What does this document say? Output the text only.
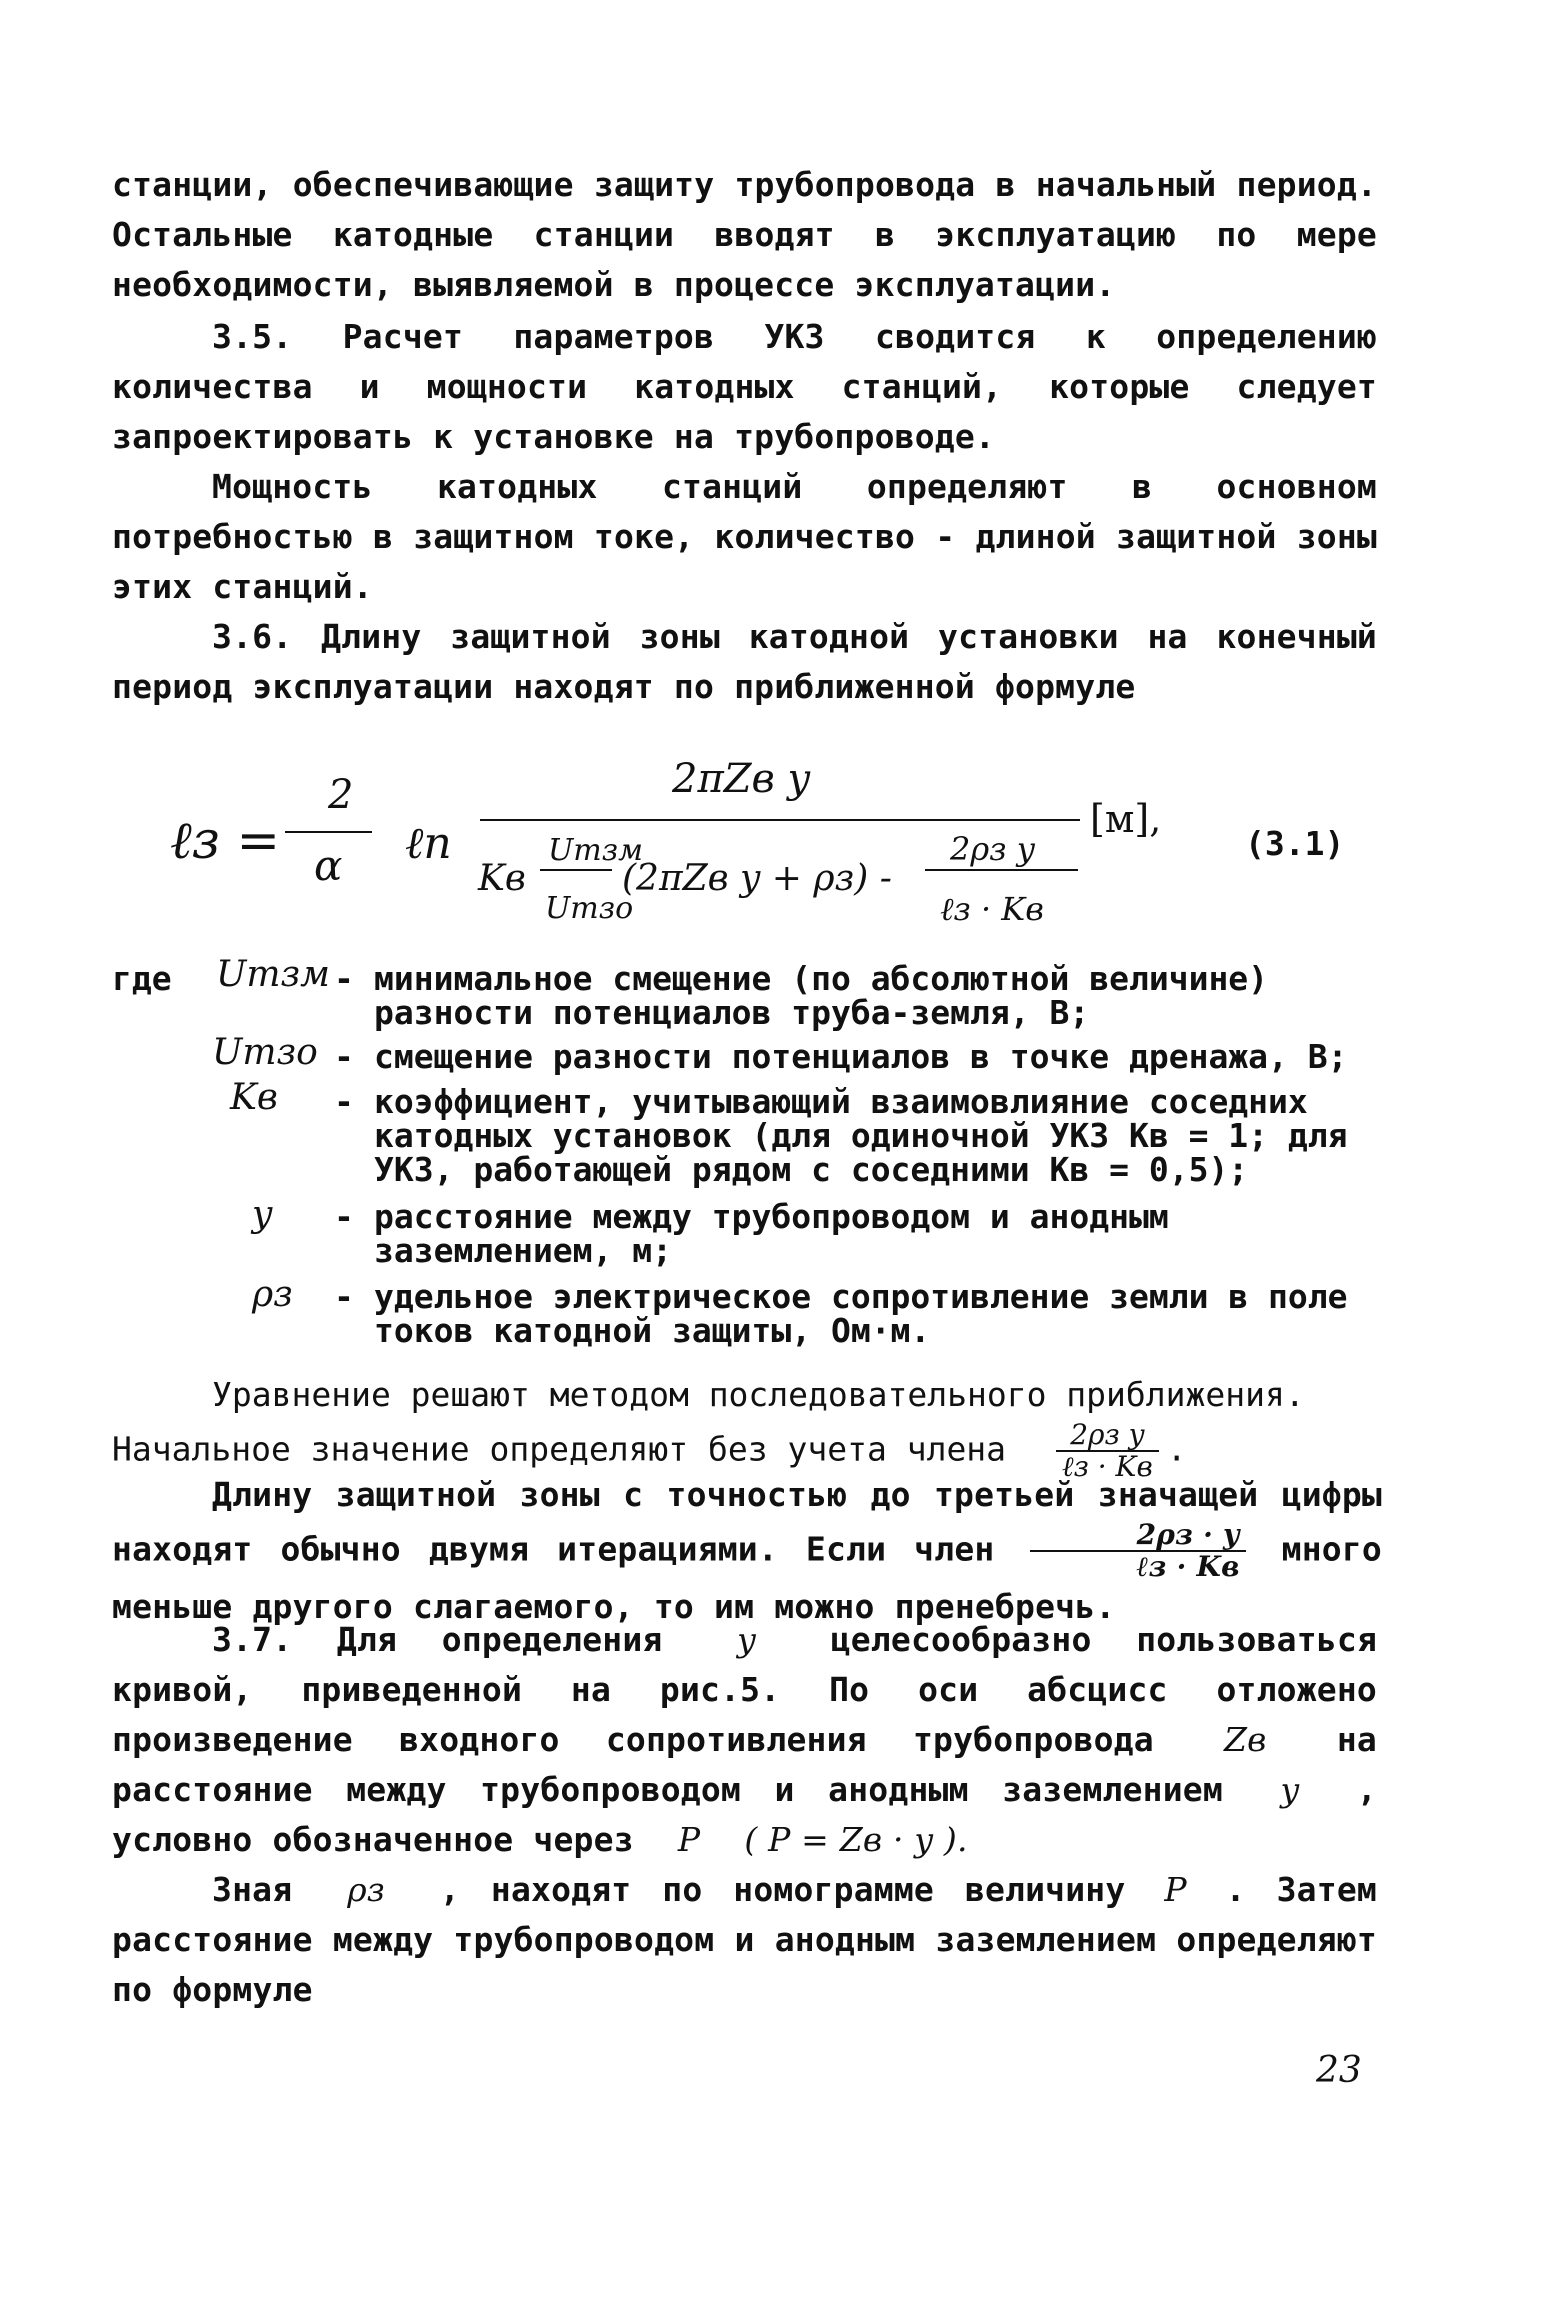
станции, обеспечивающие защиту трубопровода в начальный период. Остальные катодные станции вводят в эксплуатацию по мере необходимости, выявляемой в процессе эксплуатации.
3.5. Расчет параметров УКЗ сводится к определению количества и мощности катодных станций, которые следует запроектировать к установке на трубопроводе.
Мощность катодных станций определяют в основном потребностью в защитном токе, количество - длиной защитной зоны этих станций.
3.6. Длину защитной зоны катодной установки на конечный период эксплуатации находят по приближенной формуле
ℓз =
2
α ℓn
2πZв y
Kв
Uтзм
Uтзо
(2πZв y + ρз) -
2ρз y
ℓз · Kв
[м],
(3.1)
где	Uтзм - минимальное смещение (по абсолютной величине) разности потенциалов труба-земля, В;
Uтзо - смещение разности потенциалов в точке дренажа, В;
Kв - коэффициент, учитывающий взаимовлияние соседних катодных установок (для одиночной УКЗ Kв = 1; для УКЗ, работающей рядом с соседними Kв = 0,5);
y - расстояние между трубопроводом и анодным заземлением, м;
ρз - удельное электрическое сопротивление земли в поле токов катодной защиты, Ом·м.
Уравнение решают методом последовательного приближения.
Начальное значение определяют без учета члена $\frac{\text{2ρз y}}{\text{ℓз · Kв}}$ .
Длину защитной зоны с точностью до третьей значащей цифры находят обычно двумя итерациями. Если член $\frac{2\rho з \cdot y}{\text{ℓз · Kв}}$ много меньше другого слагаемого, то им можно пренебречь.
3.7. Для определения y целесообразно пользоваться кривой, приведенной на рис.5. По оси абсцисс отложено произведение входного сопротивления трубопровода Zв на расстояние между трубопроводом и анодным заземлением y , условно обозначенное через P ( P = Zв · y ).
Зная ρз , находят по номограмме величину P . Затем расстояние между трубопроводом и анодным заземлением определяют по формуле
23
